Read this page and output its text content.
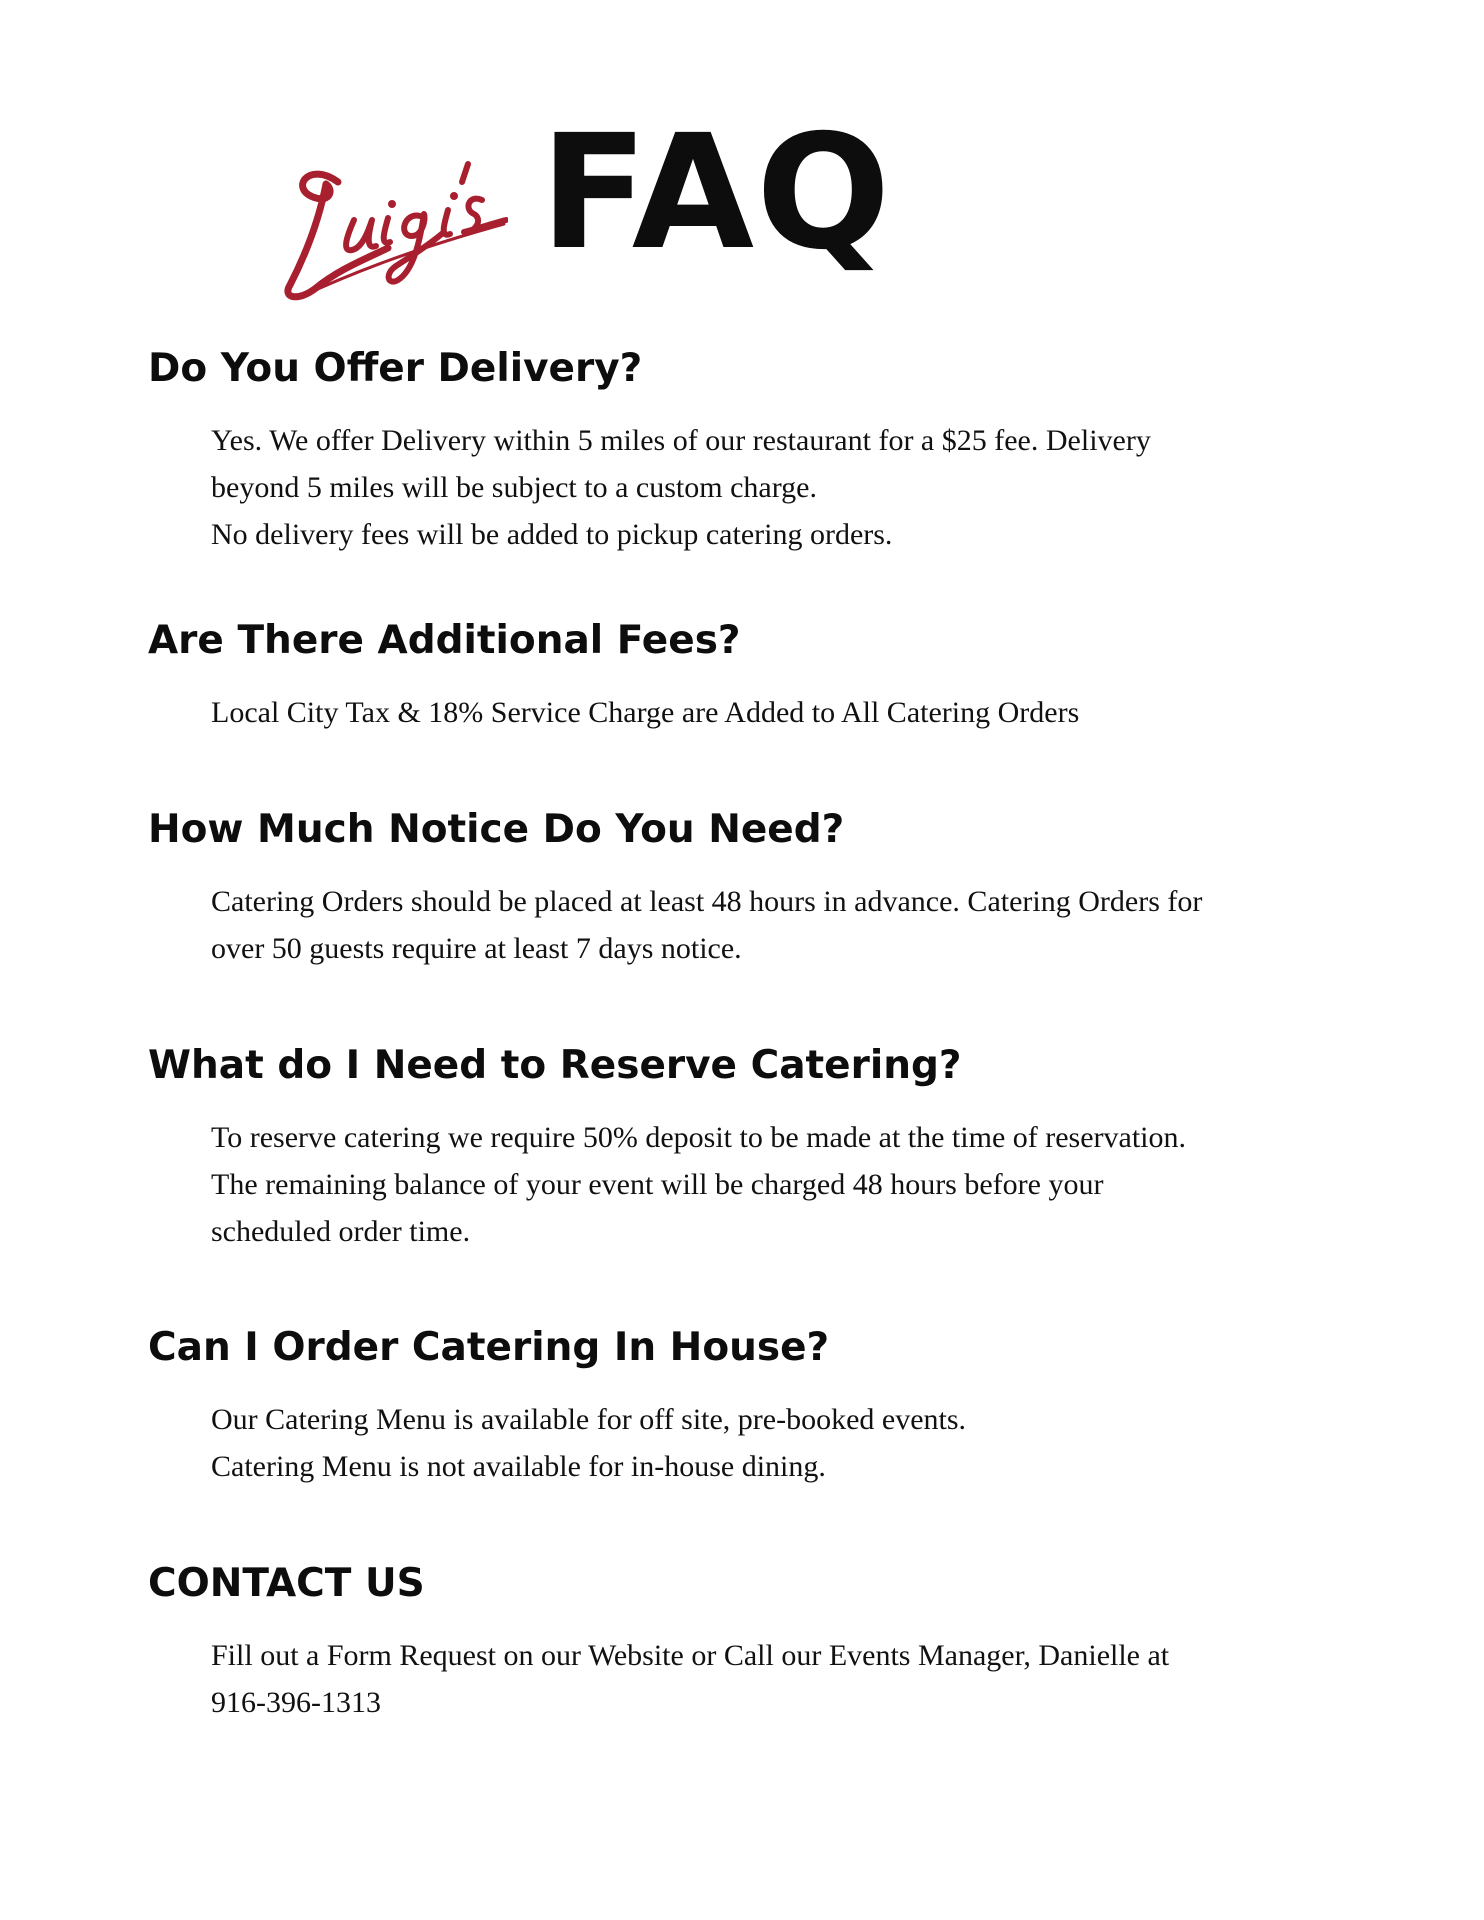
FAQ
Do You Offer Delivery?

Yes. We offer Delivery within 5 miles of our restaurant for a $25 fee. Delivery
beyond 5 miles will be subject to a custom charge.
No delivery fees will be added to pickup catering orders.

Are There Additional Fees?

Local City Tax & 18% Service Charge are Added to All Catering Orders

How Much Notice Do You Need?

Catering Orders should be placed at least 48 hours in advance. Catering Orders for
over 50 guests require at least 7 days notice.

What do I Need to Reserve Catering?

To reserve catering we require 50% deposit to be made at the time of reservation.
The remaining balance of your event will be charged 48 hours before your
scheduled order time.

Can I Order Catering In House?

Our Catering Menu is available for off site, pre-booked events.
Catering Menu is not available for in-house dining.

CONTACT US

Fill out a Form Request on our Website or Call our Events Manager, Danielle at
916-396-1313
